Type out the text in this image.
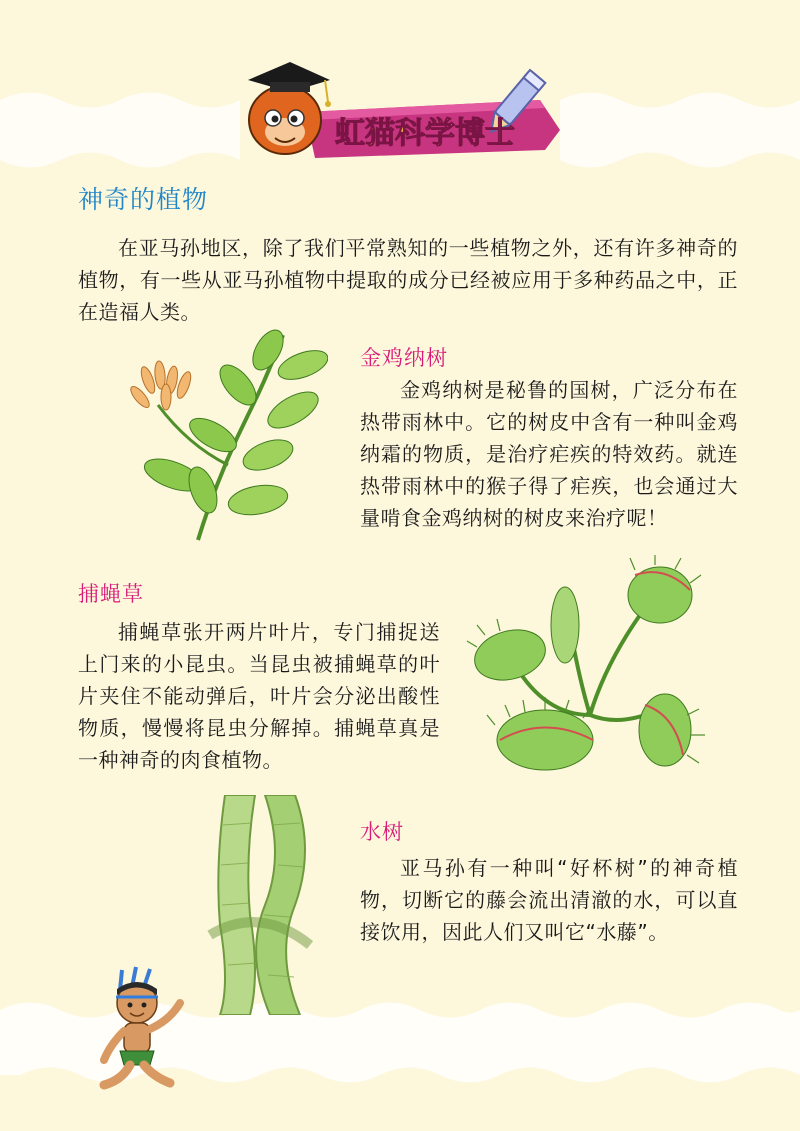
虹猫科学博士
神奇的植物
在亚马孙地区，除了我们平常熟知的一些植物之外，还有许多神奇的植物，有一些从亚马孙植物中提取的成分已经被应用于多种药品之中，正在造福人类。
金鸡纳树
金鸡纳树是秘鲁的国树，广泛分布在热带雨林中。它的树皮中含有一种叫金鸡纳霜的物质，是治疗疟疾的特效药。就连热带雨林中的猴子得了疟疾，也会通过大量啃食金鸡纳树的树皮来治疗呢！
捕蝇草
捕蝇草张开两片叶片，专门捕捉送上门来的小昆虫。当昆虫被捕蝇草的叶片夹住不能动弹后，叶片会分泌出酸性物质，慢慢将昆虫分解掉。捕蝇草真是一种神奇的肉食植物。
水树
亚马孙有一种叫“好杯树”的神奇植物，切断它的藤会流出清澈的水，可以直接饮用，因此人们又叫它“水藤”。
